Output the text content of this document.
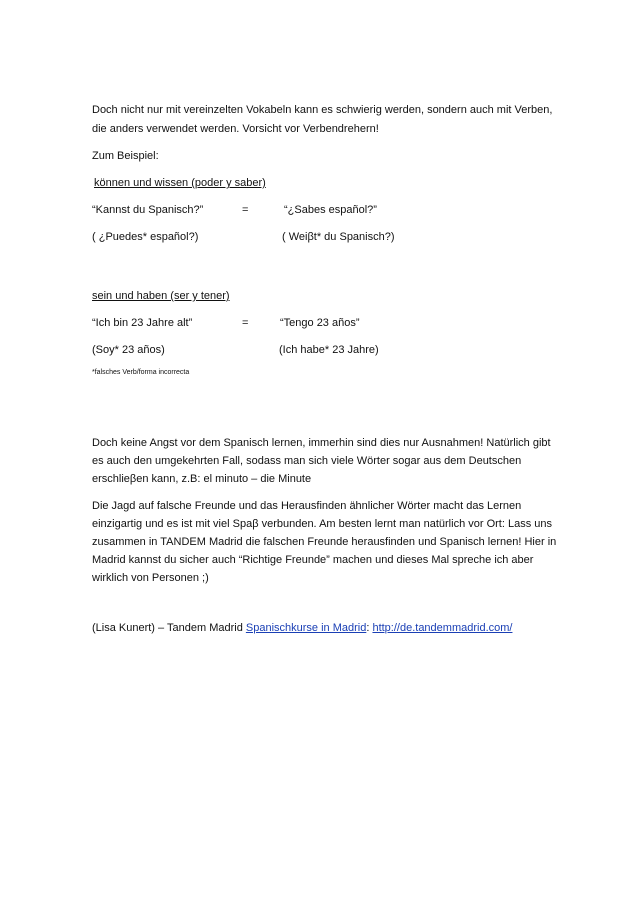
Doch nicht nur mit vereinzelten Vokabeln kann es schwierig werden, sondern auch mit Verben,
die anders verwendet werden. Vorsicht vor Verbendrehern!
Zum Beispiel:
können und wissen (poder y saber)
“Kannst du Spanisch?”	=	“¿Sabes español?”
( ¿Puedes* español?)	( Weiβt* du Spanisch?)
sein und haben (ser y tener)
“Ich bin 23 Jahre alt”	=	“Tengo 23 años”
(Soy* 23 años)	(Ich habe* 23 Jahre)
*falsches Verb/forma incorrecta
Doch keine Angst vor dem Spanisch lernen, immerhin sind dies nur Ausnahmen! Natürlich gibt
es auch den umgekehrten Fall, sodass man sich viele Wörter sogar aus dem Deutschen
erschlieβen kann, z.B: el minuto – die Minute
Die Jagd auf falsche Freunde und das Herausfinden ähnlicher Wörter macht das Lernen
einzigartig und es ist mit viel Spaβ verbunden. Am besten lernt man natürlich vor Ort: Lass uns
zusammen in TANDEM Madrid die falschen Freunde herausfinden und Spanisch lernen! Hier in
Madrid kannst du sicher auch “Richtige Freunde” machen und dieses Mal spreche ich aber
wirklich von Personen ;)
(Lisa Kunert) – Tandem Madrid Spanischkurse in Madrid: http://de.tandemmadrid.com/
